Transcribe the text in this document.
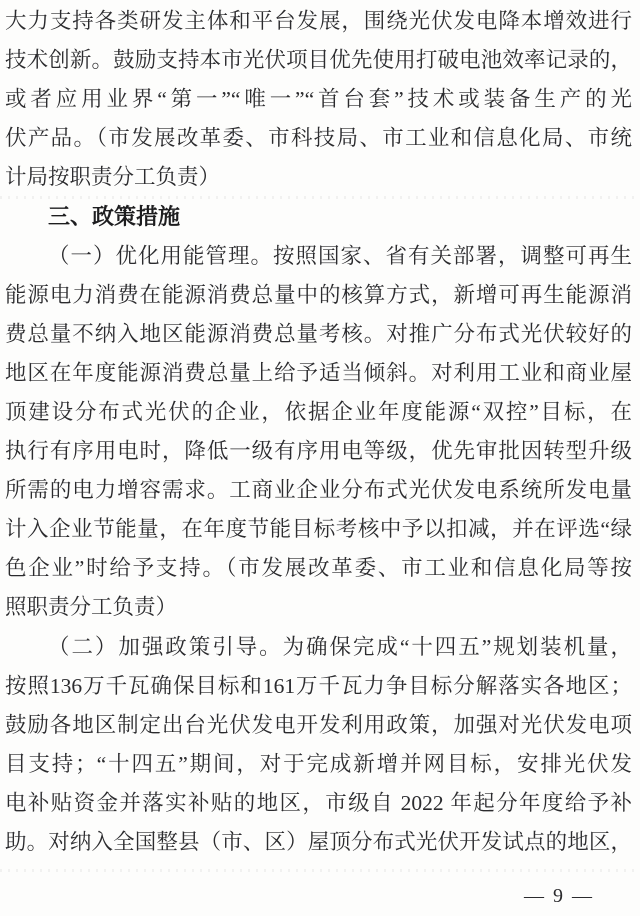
大力支持各类研发主体和平台发展，围绕光伏发电降本增效进行
技术创新。鼓励支持本市光伏项目优先使用打破电池效率记录的，
或者应用业界“第一”“唯一”“首台套”技术或装备生产的光
伏产品。（市发展改革委、市科技局、市工业和信息化局、市统
计局按职责分工负责）
三、政策措施
（一）优化用能管理。按照国家、省有关部署，调整可再生
能源电力消费在能源消费总量中的核算方式，新增可再生能源消
费总量不纳入地区能源消费总量考核。对推广分布式光伏较好的
地区在年度能源消费总量上给予适当倾斜。对利用工业和商业屋
顶建设分布式光伏的企业，依据企业年度能源“双控”目标，在
执行有序用电时，降低一级有序用电等级，优先审批因转型升级
所需的电力增容需求。工商业企业分布式光伏发电系统所发电量
计入企业节能量，在年度节能目标考核中予以扣减，并在评选“绿
色企业”时给予支持。（市发展改革委、市工业和信息化局等按
照职责分工负责）
（二）加强政策引导。为确保完成“十四五”规划装机量，
按照136万千瓦确保目标和161万千瓦力争目标分解落实各地区；
鼓励各地区制定出台光伏发电开发利用政策，加强对光伏发电项
目支持；“十四五”期间，对于完成新增并网目标，安排光伏发
电补贴资金并落实补贴的地区，市级自 2022 年起分年度给予补
助。对纳入全国整县（市、区）屋顶分布式光伏开发试点的地区，
— 9 —
